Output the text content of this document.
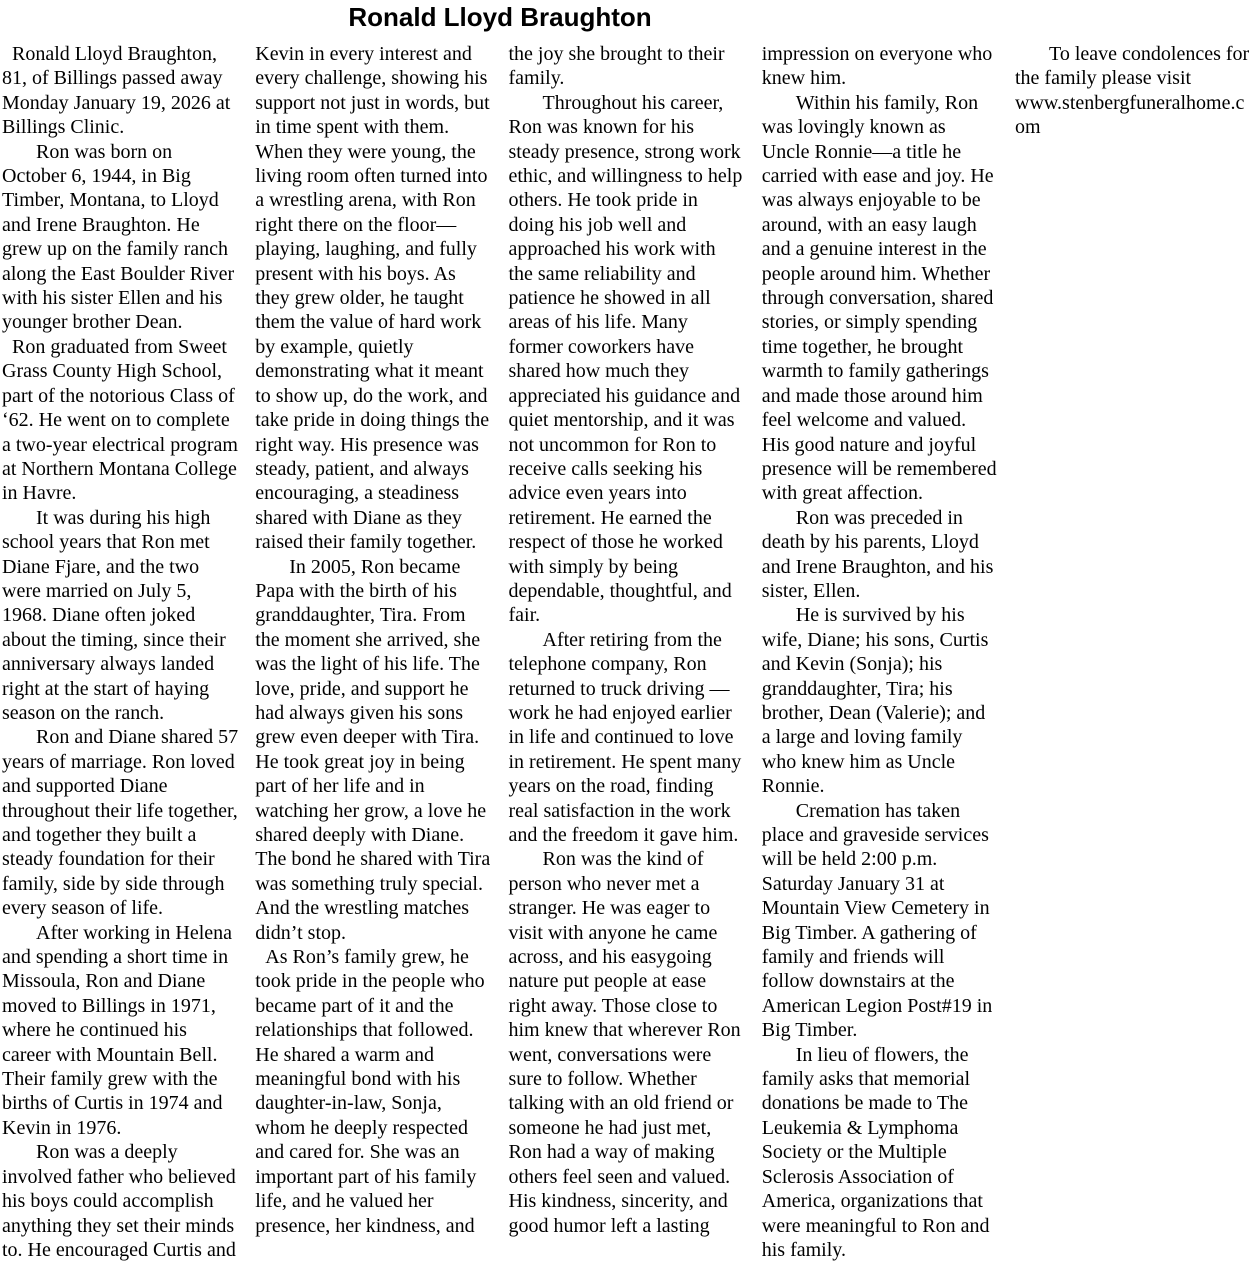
Ronald Lloyd Braughton

Ronald Lloyd Braughton, 81, of Billings passed away Monday January 19, 2026 at Billings Clinic.

Ron was born on October 6, 1944, in Big Timber, Montana, to Lloyd and Irene Braughton. He grew up on the family ranch along the East Boulder River with his sister Ellen and his younger brother Dean.

Ron graduated from Sweet Grass County High School, part of the notorious Class of ‘62. He went on to complete a two-year electrical program at Northern Montana College in Havre.

It was during his high school years that Ron met Diane Fjare, and the two were married on July 5, 1968. Diane often joked about the timing, since their anniversary always landed right at the start of haying season on the ranch.

Ron and Diane shared 57 years of marriage. Ron loved and supported Diane throughout their life together, and together they built a steady foundation for their family, side by side through every season of life.

After working in Helena and spending a short time in Missoula, Ron and Diane moved to Billings in 1971, where he continued his career with Mountain Bell. Their family grew with the births of Curtis in 1974 and Kevin in 1976.

Ron was a deeply involved father who believed his boys could accomplish anything they set their minds to. He encouraged Curtis and Kevin in every interest and every challenge, showing his support not just in words, but in time spent with them. When they were young, the living room often turned into a wrestling arena, with Ron right there on the floor—playing, laughing, and fully present with his boys. As they grew older, he taught them the value of hard work by example, quietly demonstrating what it meant to show up, do the work, and take pride in doing things the right way. His presence was steady, patient, and always encouraging, a steadiness shared with Diane as they raised their family together.

In 2005, Ron became Papa with the birth of his granddaughter, Tira. From the moment she arrived, she was the light of his life. The love, pride, and support he had always given his sons grew even deeper with Tira. He took great joy in being part of her life and in watching her grow, a love he shared deeply with Diane. The bond he shared with Tira was something truly special. And the wrestling matches didn’t stop.

As Ron’s family grew, he took pride in the people who became part of it and the relationships that followed. He shared a warm and meaningful bond with his daughter-in-law, Sonja, whom he deeply respected and cared for. She was an important part of his family life, and he valued her presence, her kindness, and the joy she brought to their family.

Throughout his career, Ron was known for his steady presence, strong work ethic, and willingness to help others. He took pride in doing his job well and approached his work with the same reliability and patience he showed in all areas of his life. Many former coworkers have shared how much they appreciated his guidance and quiet mentorship, and it was not uncommon for Ron to receive calls seeking his advice even years into retirement. He earned the respect of those he worked with simply by being dependable, thoughtful, and fair.

After retiring from the telephone company, Ron returned to truck driving — work he had enjoyed earlier in life and continued to love in retirement. He spent many years on the road, finding real satisfaction in the work and the freedom it gave him.

Ron was the kind of person who never met a stranger. He was eager to visit with anyone he came across, and his easygoing nature put people at ease right away. Those close to him knew that wherever Ron went, conversations were sure to follow. Whether talking with an old friend or someone he had just met, Ron had a way of making others feel seen and valued. His kindness, sincerity, and good humor left a lasting impression on everyone who knew him.

Within his family, Ron was lovingly known as Uncle Ronnie—a title he carried with ease and joy. He was always enjoyable to be around, with an easy laugh and a genuine interest in the people around him. Whether through conversation, shared stories, or simply spending time together, he brought warmth to family gatherings and made those around him feel welcome and valued. His good nature and joyful presence will be remembered with great affection.

Ron was preceded in death by his parents, Lloyd and Irene Braughton, and his sister, Ellen.

He is survived by his wife, Diane; his sons, Curtis and Kevin (Sonja); his granddaughter, Tira; his brother, Dean (Valerie); and a large and loving family who knew him as Uncle Ronnie.

Cremation has taken place and graveside services will be held 2:00 p.m. Saturday January 31 at Mountain View Cemetery in Big Timber. A gathering of family and friends will follow downstairs at the American Legion Post#19 in Big Timber.

In lieu of flowers, the family asks that memorial donations be made to The Leukemia & Lymphoma Society or the Multiple Sclerosis Association of America, organizations that were meaningful to Ron and his family.

To leave condolences for the family please visit www.stenbergfuneralhome.com
